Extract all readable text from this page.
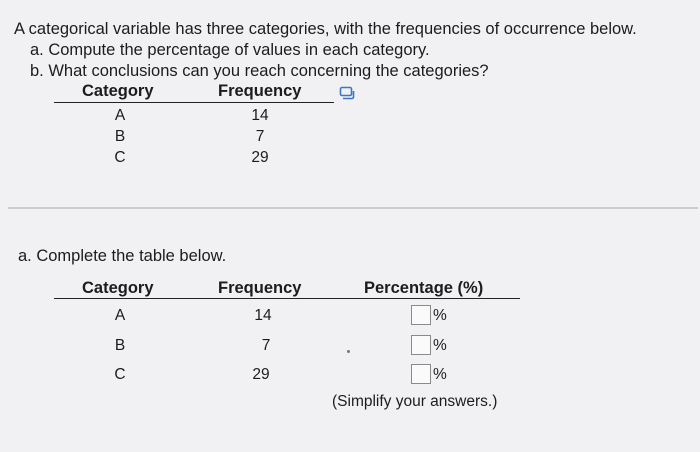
A categorical variable has three categories, with the frequencies of occurrence below.
a. Compute the percentage of values in each category.
b. What conclusions can you reach concerning the categories?
Category	Frequency
A	14
B	7
C	29
a. Complete the table below.
Category	Frequency	Percentage (%)
A	14	%
B	7	%
C	29	%
(Simplify your answers.)
